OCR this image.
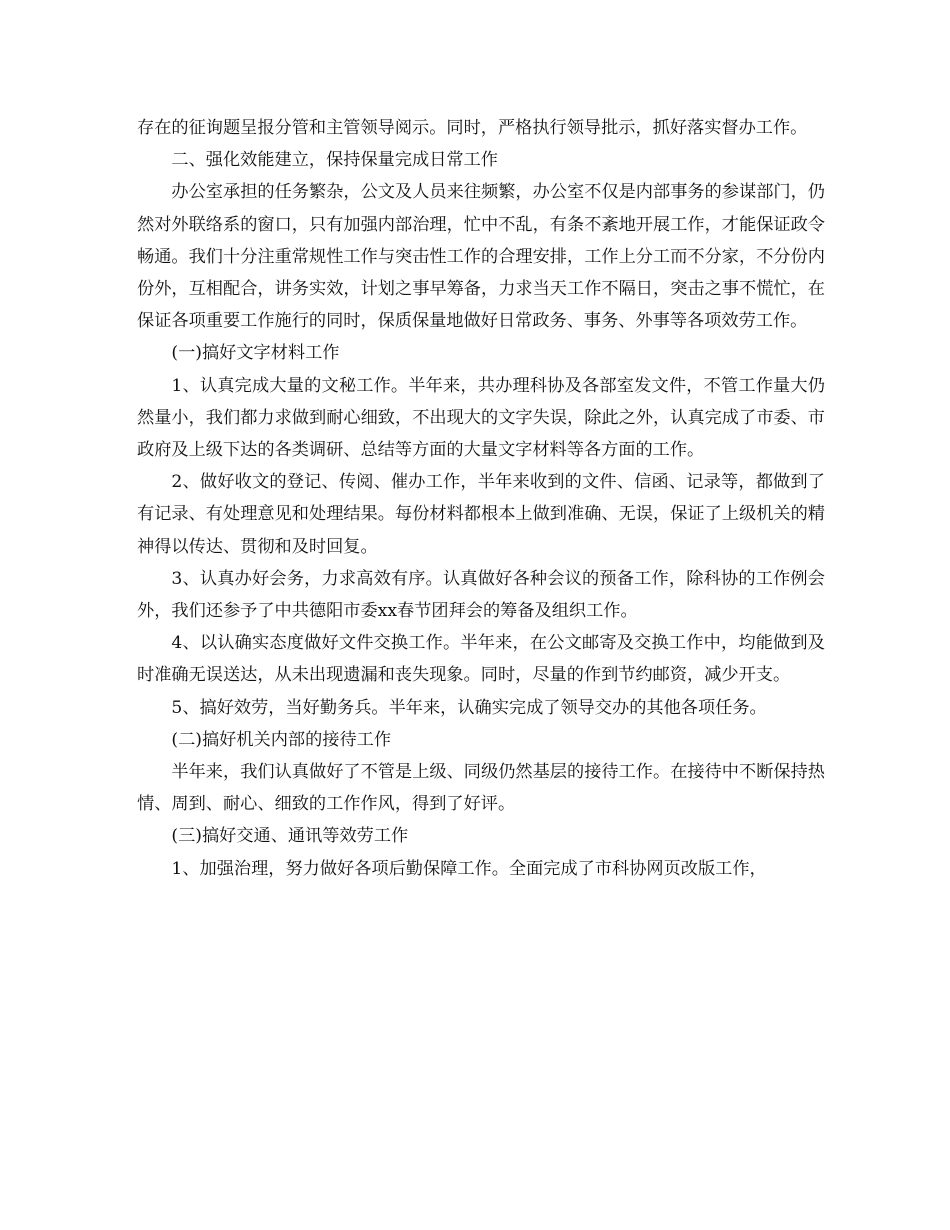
存在的征询题呈报分管和主管领导阅示。同时，严格执行领导批示，抓好落实督办工作。

二、强化效能建立，保持保量完成日常工作

办公室承担的任务繁杂，公文及人员来往频繁，办公室不仅是内部事务的参谋部门，仍然对外联络系的窗口，只有加强内部治理，忙中不乱，有条不紊地开展工作，才能保证政令畅通。我们十分注重常规性工作与突击性工作的合理安排，工作上分工而不分家，不分份内份外，互相配合，讲务实效，计划之事早筹备，力求当天工作不隔日，突击之事不慌忙，在保证各项重要工作施行的同时，保质保量地做好日常政务、事务、外事等各项效劳工作。

(一)搞好文字材料工作

1、认真完成大量的文秘工作。半年来，共办理科协及各部室发文件，不管工作量大仍然量小，我们都力求做到耐心细致，不出现大的文字失误，除此之外，认真完成了市委、市政府及上级下达的各类调研、总结等方面的大量文字材料等各方面的工作。

2、做好收文的登记、传阅、催办工作，半年来收到的文件、信函、记录等，都做到了有记录、有处理意见和处理结果。每份材料都根本上做到准确、无误，保证了上级机关的精神得以传达、贯彻和及时回复。

3、认真办好会务，力求高效有序。认真做好各种会议的预备工作，除科协的工作例会外，我们还参予了中共德阳市委xx春节团拜会的筹备及组织工作。

4、以认确实态度做好文件交换工作。半年来，在公文邮寄及交换工作中，均能做到及时准确无误送达，从未出现遗漏和丧失现象。同时，尽量的作到节约邮资，减少开支。

5、搞好效劳，当好勤务兵。半年来，认确实完成了领导交办的其他各项任务。

(二)搞好机关内部的接待工作

半年来，我们认真做好了不管是上级、同级仍然基层的接待工作。在接待中不断保持热情、周到、耐心、细致的工作作风，得到了好评。

(三)搞好交通、通讯等效劳工作

1、加强治理，努力做好各项后勤保障工作。全面完成了市科协网页改版工作，
